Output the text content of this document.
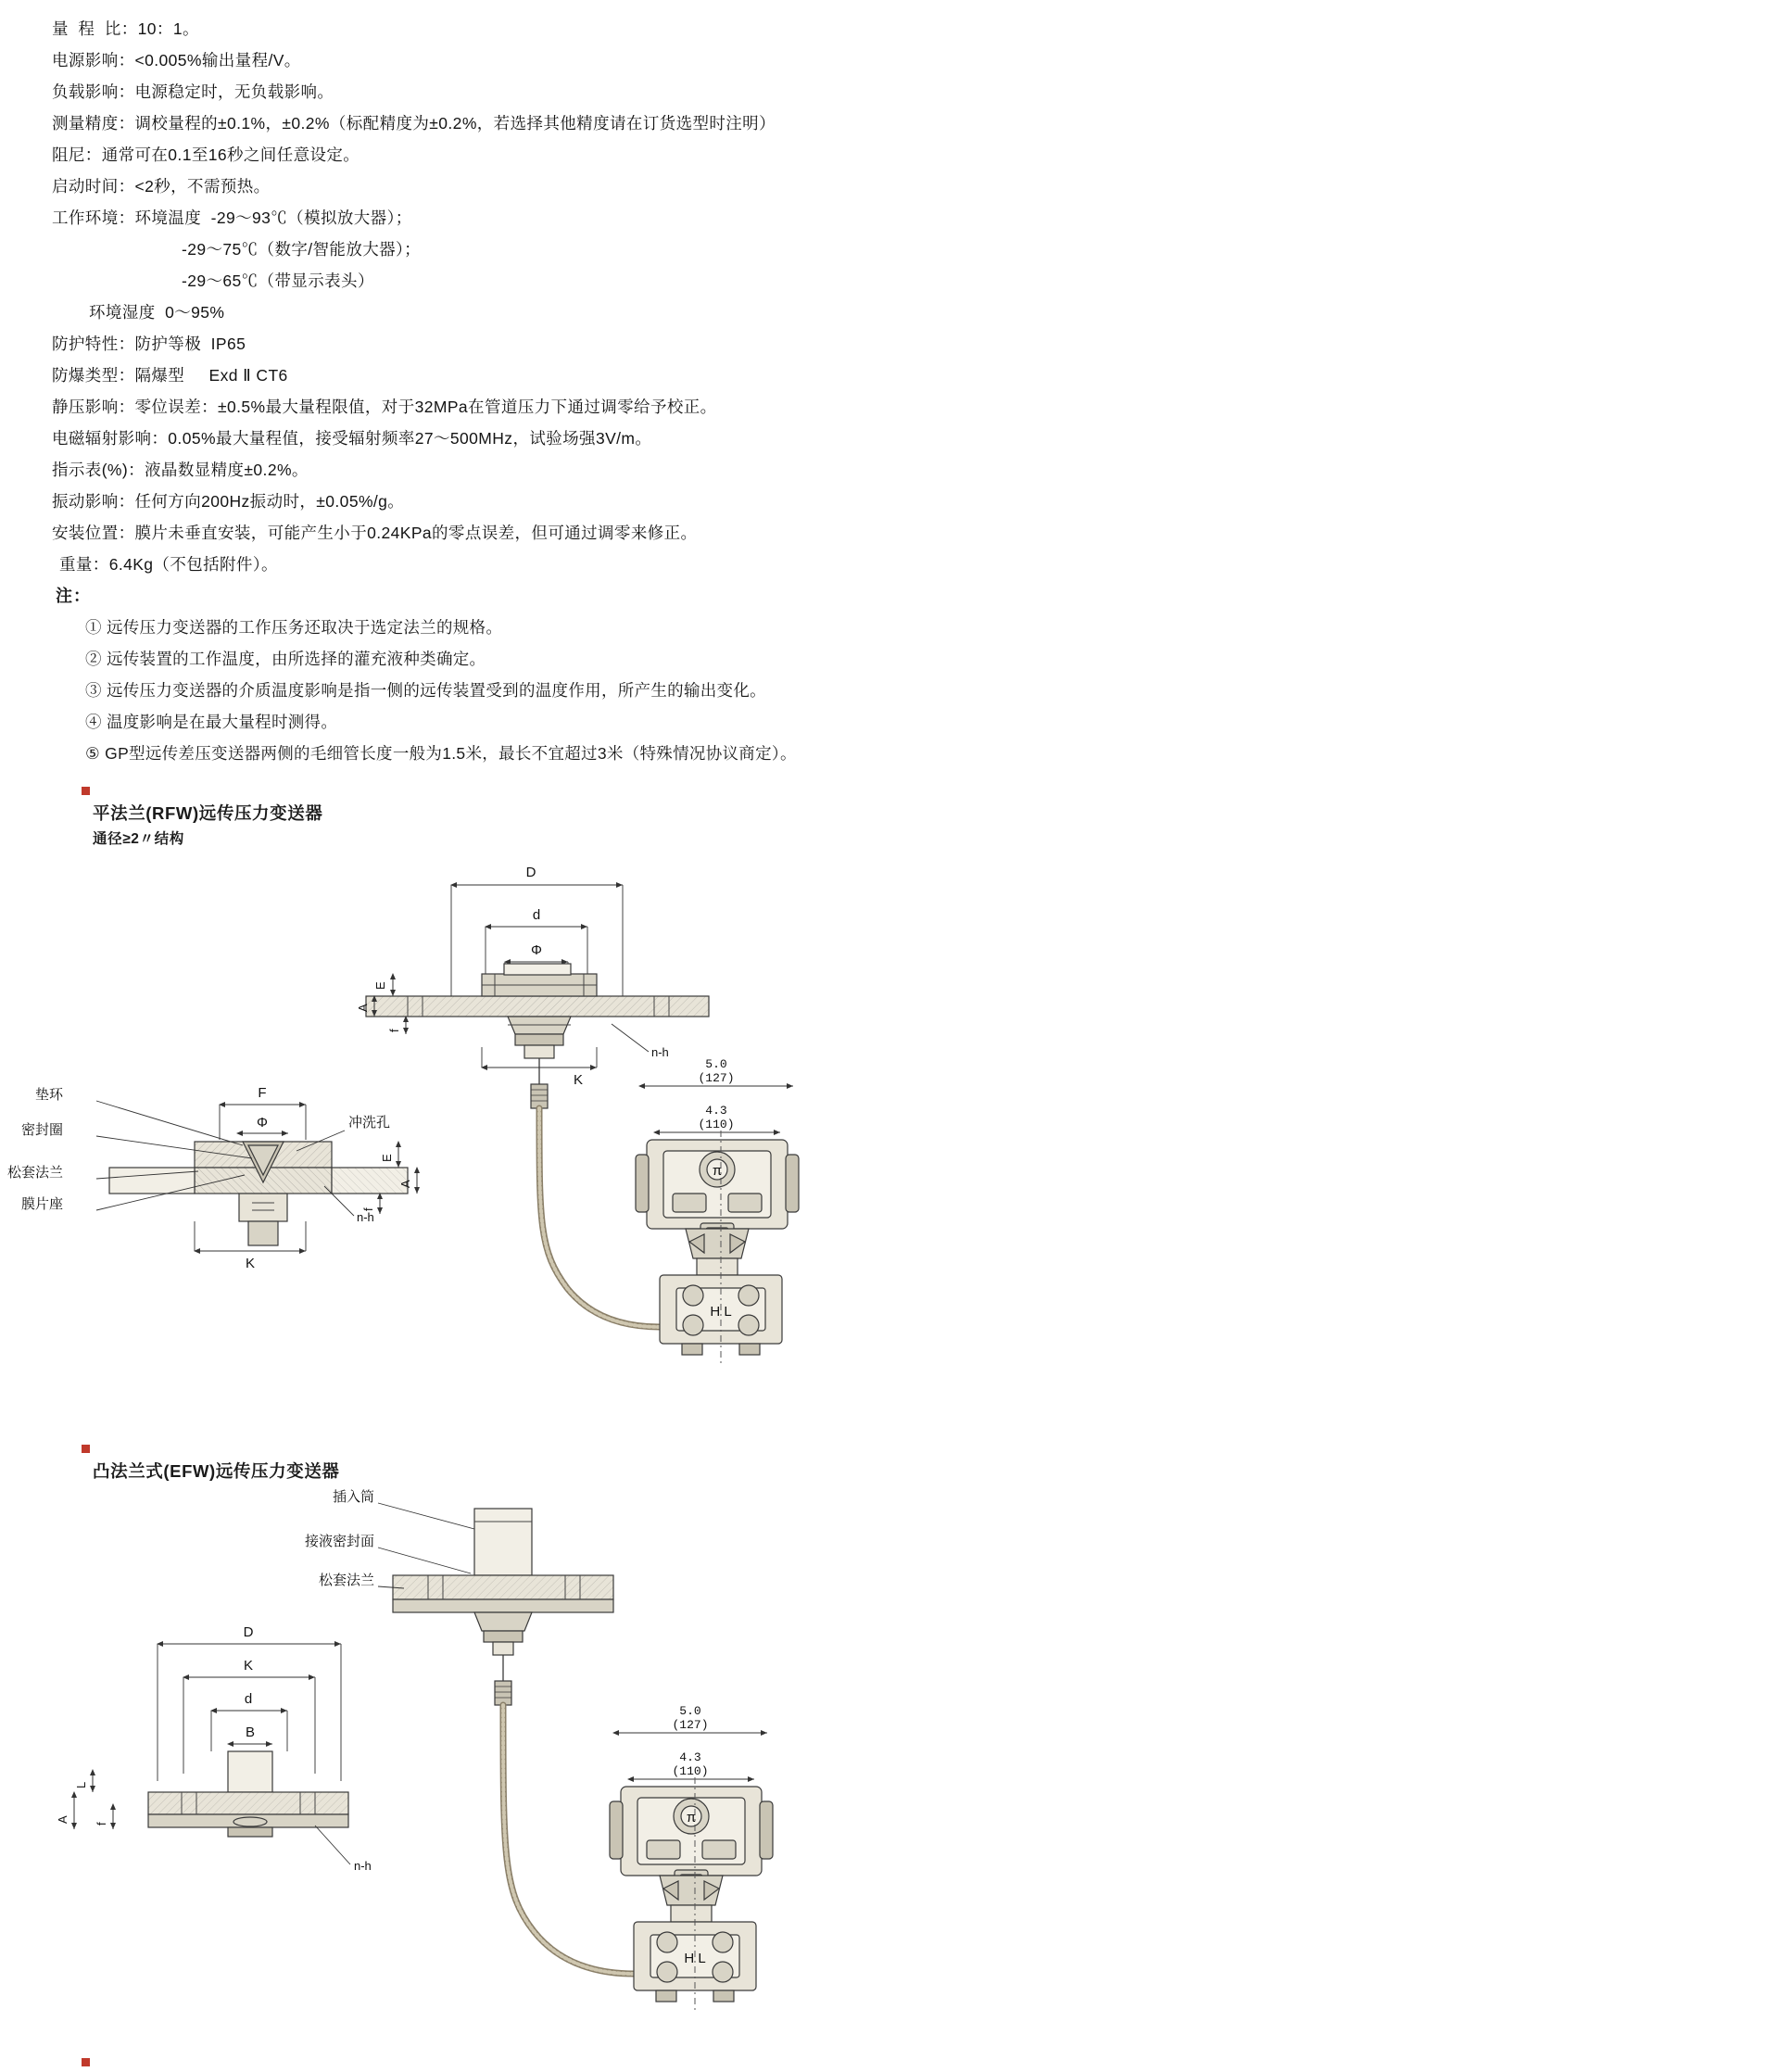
量  程  比：10：1。
电源影响：<0.005%输出量程/V。
负载影响：电源稳定时，无负载影响。
测量精度：调校量程的±0.1%，±0.2%（标配精度为±0.2%，若选择其他精度请在订货选型时注明）
阻尼：通常可在0.1至16秒之间任意设定。
启动时间：<2秒，不需预热。
工作环境：环境温度  -29～93℃（模拟放大器）；
-29～75℃（数字/智能放大器）；
-29～65℃（带显示表头）
环境湿度  0～95%
防护特性：防护等极  IP65
防爆类型：隔爆型     Exd Ⅱ CT6
静压影响：零位误差：±0.5%最大量程限值，对于32MPa在管道压力下通过调零给予校正。
电磁辐射影响：0.05%最大量程值，接受辐射频率27～500MHz，试验场强3V/m。
指示表(%)：液晶数显精度±0.2%。
振动影响：任何方向200Hz振动时，±0.05%/g。
安装位置：膜片未垂直安装，可能产生小于0.24KPa的零点误差，但可通过调零来修正。
重量：6.4Kg（不包括附件）。
注：
① 远传压力变送器的工作压务还取决于选定法兰的规格。
② 远传装置的工作温度，由所选择的灌充液种类确定。
③ 远传压力变送器的介质温度影响是指一侧的远传装置受到的温度作用，所产生的输出变化。
④ 温度影响是在最大量程时测得。
⑤ GP型远传差压变送器两侧的毛细管长度一般为1.5米，最长不宜超过3米（特殊情况协议商定）。
平法兰(RFW)远传压力变送器
通径≥2〃结构
D
d
Φ
E
A
f
n-h
K
F
Φ
E
A
f
K
n-h
垫环
密封圈
松套法兰
膜片座
冲洗孔
5.0
(127)
4.3
(110)
π
H L
凸法兰式(EFW)远传压力变送器
插入筒
接液密封面
松套法兰
D
K
d
B
L
A
f
n-h
5.0
(127)
4.3
(110)
π
H L
